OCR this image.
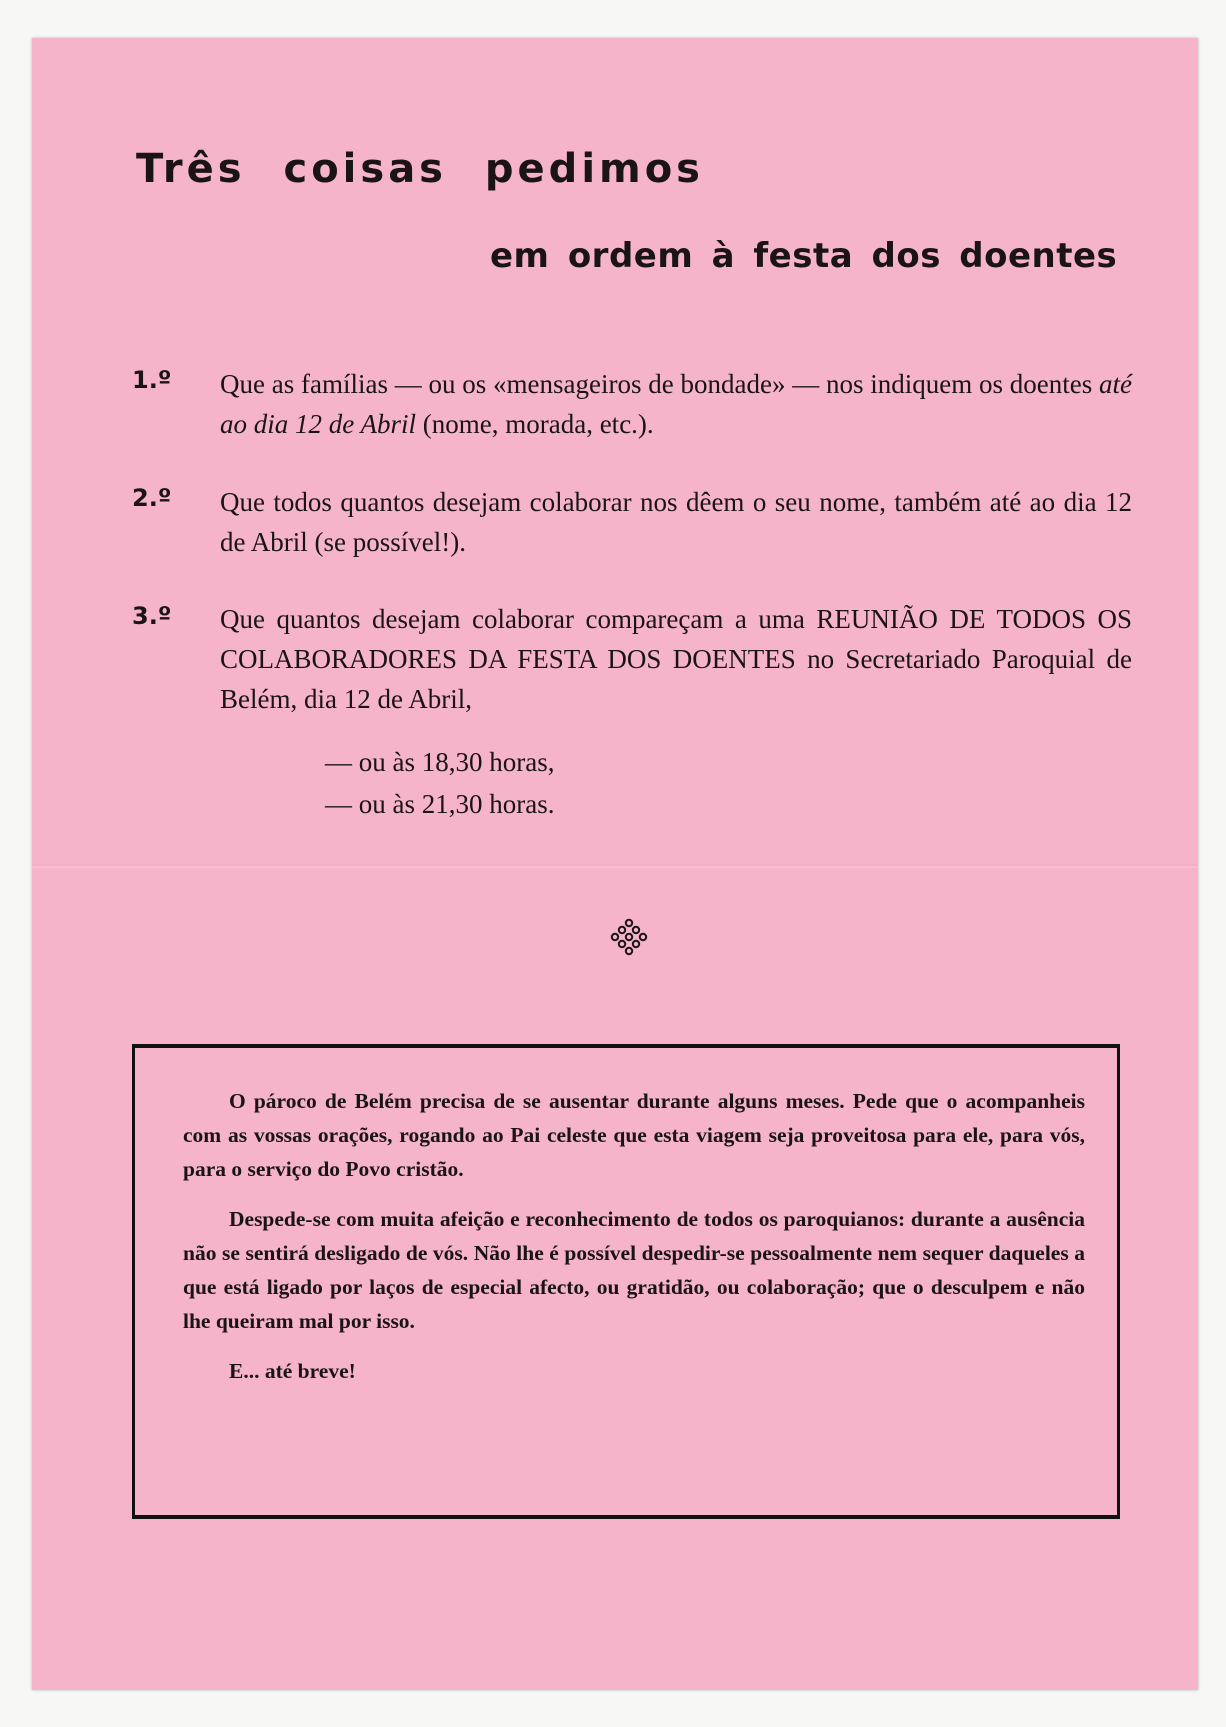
Três coisas pedimos
em ordem à festa dos doentes
1.º Que as famílias — ou os «mensageiros de bondade» — nos indiquem os doentes até ao dia 12 de Abril (nome, morada, etc.).
2.º Que todos quantos desejam colaborar nos dêem o seu nome, também até ao dia 12 de Abril (se possível!).
3.º Que quantos desejam colaborar compareçam a uma REUNIÃO DE TODOS OS COLABORADORES DA FESTA DOS DOENTES no Secretariado Paroquial de Belém, dia 12 de Abril,
— ou às 18,30 horas,
— ou às 21,30 horas.

O pároco de Belém precisa de se ausentar durante alguns meses. Pede que o acompanheis com as vossas orações, rogando ao Pai celeste que esta viagem seja proveitosa para ele, para vós, para o serviço do Povo cristão.

Despede-se com muita afeição e reconhecimento de todos os paroquianos: durante a ausência não se sentirá desligado de vós. Não lhe é possível despedir-se pessoalmente nem sequer daqueles a que está ligado por laços de especial afecto, ou gratidão, ou colaboração; que o desculpem e não lhe queiram mal por isso.

E... até breve!
